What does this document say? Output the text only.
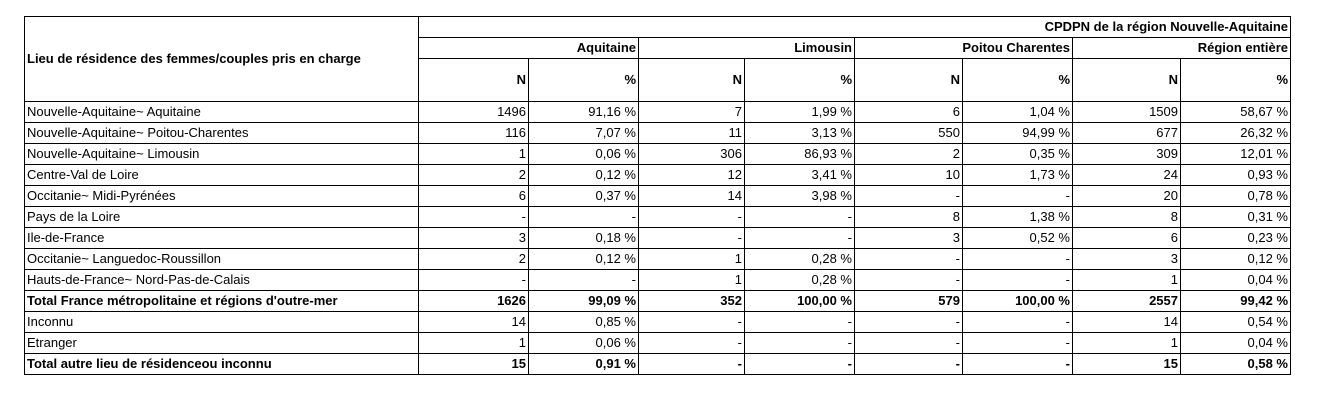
Lieu de résidence des femmes/couples pris en charge	CPDPN de la région Nouvelle-Aquitaine							
	Aquitaine		Limousin		Poitou Charentes		Région entière	
	N	%	N	%	N	%	N	%
Nouvelle-Aquitaine~ Aquitaine	1496	91,16 %	7	1,99 %	6	1,04 %	1509	58,67 %
Nouvelle-Aquitaine~ Poitou-Charentes	116	7,07 %	11	3,13 %	550	94,99 %	677	26,32 %
Nouvelle-Aquitaine~ Limousin	1	0,06 %	306	86,93 %	2	0,35 %	309	12,01 %
Centre-Val de Loire	2	0,12 %	12	3,41 %	10	1,73 %	24	0,93 %
Occitanie~ Midi-Pyrénées	6	0,37 %	14	3,98 %	-	-	20	0,78 %
Pays de la Loire	-	-	-	-	8	1,38 %	8	0,31 %
Ile-de-France	3	0,18 %	-	-	3	0,52 %	6	0,23 %
Occitanie~ Languedoc-Roussillon	2	0,12 %	1	0,28 %	-	-	3	0,12 %
Hauts-de-France~ Nord-Pas-de-Calais	-	-	1	0,28 %	-	-	1	0,04 %
Total France métropolitaine et régions d'outre-mer	1626	99,09 %	352	100,00 %	579	100,00 %	2557	99,42 %
Inconnu	14	0,85 %	-	-	-	-	14	0,54 %
Etranger	1	0,06 %	-	-	-	-	1	0,04 %
Total autre lieu de résidenceou inconnu	15	0,91 %	-	-	-	-	15	0,58 %
